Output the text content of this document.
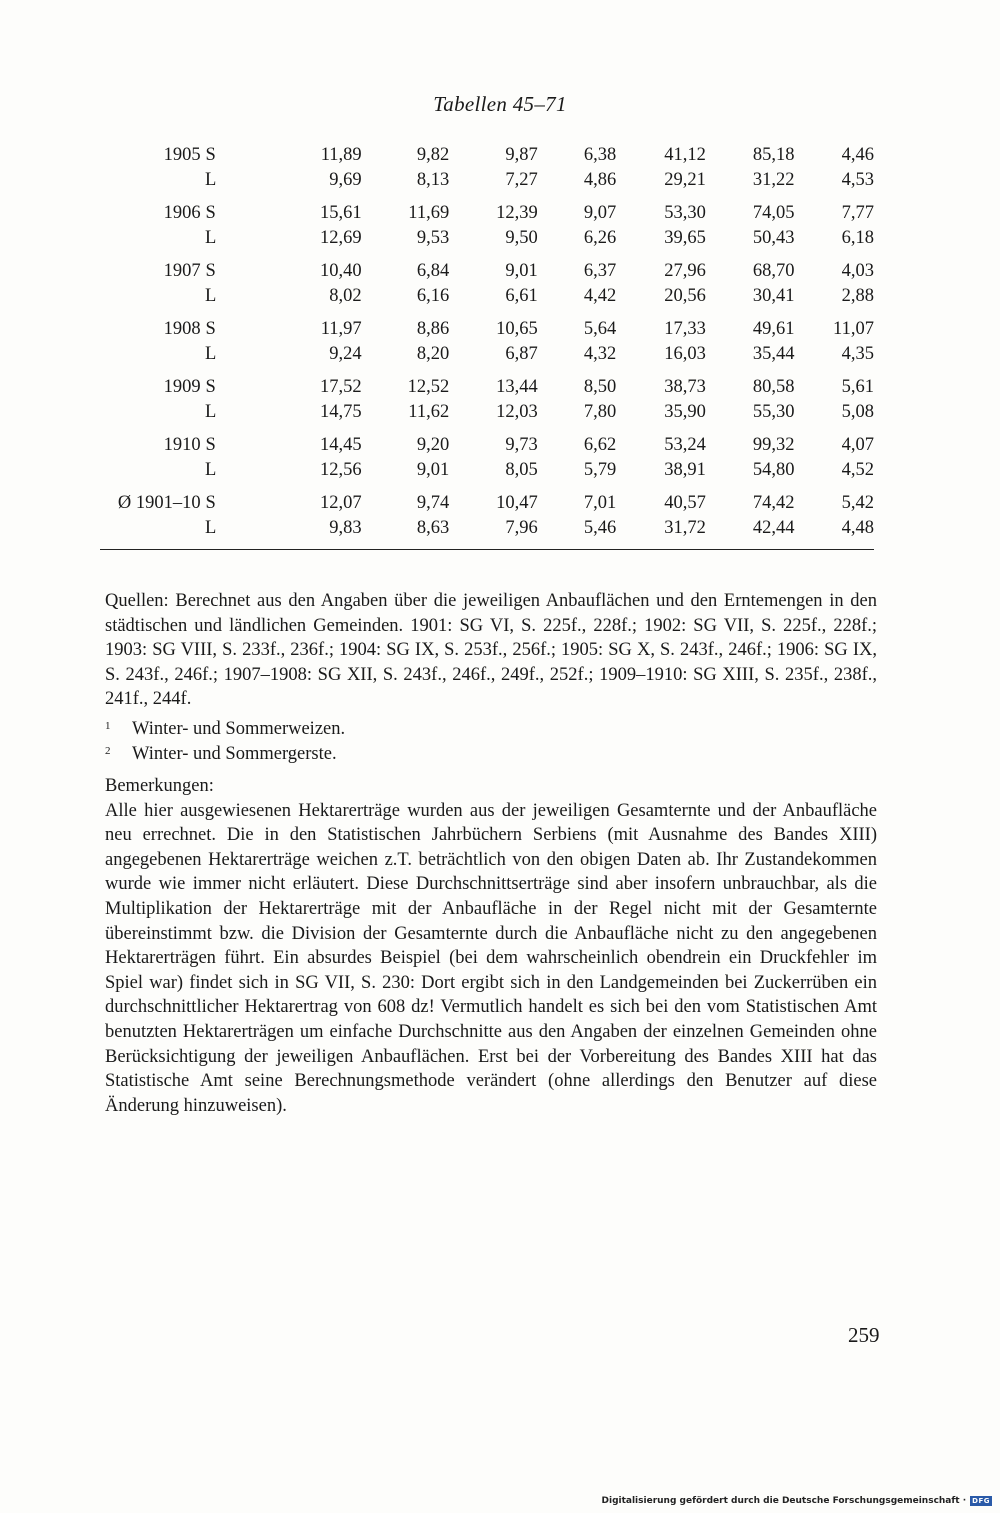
Tabellen 45–71
1905	S	11,89	9,82	9,87	6,38	41,12	85,18	4,46
	L	9,69	8,13	7,27	4,86	29,21	31,22	4,53

1906	S	15,61	11,69	12,39	9,07	53,30	74,05	7,77
	L	12,69	9,53	9,50	6,26	39,65	50,43	6,18

1907	S	10,40	6,84	9,01	6,37	27,96	68,70	4,03
	L	8,02	6,16	6,61	4,42	20,56	30,41	2,88

1908	S	11,97	8,86	10,65	5,64	17,33	49,61	11,07
	L	9,24	8,20	6,87	4,32	16,03	35,44	4,35

1909	S	17,52	12,52	13,44	8,50	38,73	80,58	5,61
	L	14,75	11,62	12,03	7,80	35,90	55,30	5,08

1910	S	14,45	9,20	9,73	6,62	53,24	99,32	4,07
	L	12,56	9,01	8,05	5,79	38,91	54,80	4,52

Ø 1901–10	S	12,07	9,74	10,47	7,01	40,57	74,42	5,42
	L	9,83	8,63	7,96	5,46	31,72	42,44	4,48
Quellen: Berechnet aus den Angaben über die jeweiligen Anbauflächen und den Erntemengen in den städtischen und ländlichen Gemeinden. 1901: SG VI, S. 225f., 228f.; 1902: SG VII, S. 225f., 228f.; 1903: SG VIII, S. 233f., 236f.; 1904: SG IX, S. 253f., 256f.; 1905: SG X, S. 243f., 246f.; 1906: SG IX, S. 243f., 246f.; 1907–1908: SG XII, S. 243f., 246f., 249f., 252f.; 1909–1910: SG XIII, S. 235f., 238f., 241f., 244f.
1 Winter- und Sommerweizen.
2 Winter- und Sommergerste.
Bemerkungen:
Alle hier ausgewiesenen Hektarerträge wurden aus der jeweiligen Gesamternte und der Anbaufläche neu errechnet. Die in den Statistischen Jahrbüchern Serbiens (mit Ausnahme des Bandes XIII) angegebenen Hektarerträge weichen z.T. beträchtlich von den obigen Daten ab. Ihr Zustandekommen wurde wie immer nicht erläutert. Diese Durchschnittserträge sind aber insofern unbrauchbar, als die Multiplikation der Hektarerträge mit der Anbaufläche in der Regel nicht mit der Gesamternte übereinstimmt bzw. die Division der Gesamternte durch die Anbaufläche nicht zu den angegebenen Hektarerträgen führt. Ein absurdes Beispiel (bei dem wahrscheinlich obendrein ein Druckfehler im Spiel war) findet sich in SG VII, S. 230: Dort ergibt sich in den Landgemeinden bei Zuckerrüben ein durchschnittlicher Hektarertrag von 608 dz! Vermutlich handelt es sich bei den vom Statistischen Amt benutzten Hektarerträgen um einfache Durchschnitte aus den Angaben der einzelnen Gemeinden ohne Berücksichtigung der jeweiligen Anbauflächen. Erst bei der Vorbereitung des Bandes XIII hat das Statistische Amt seine Berechnungsmethode verändert (ohne allerdings den Benutzer auf diese Änderung hinzuweisen).
259
Digitalisierung gefördert durch die Deutsche Forschungsgemeinschaft · DFG
